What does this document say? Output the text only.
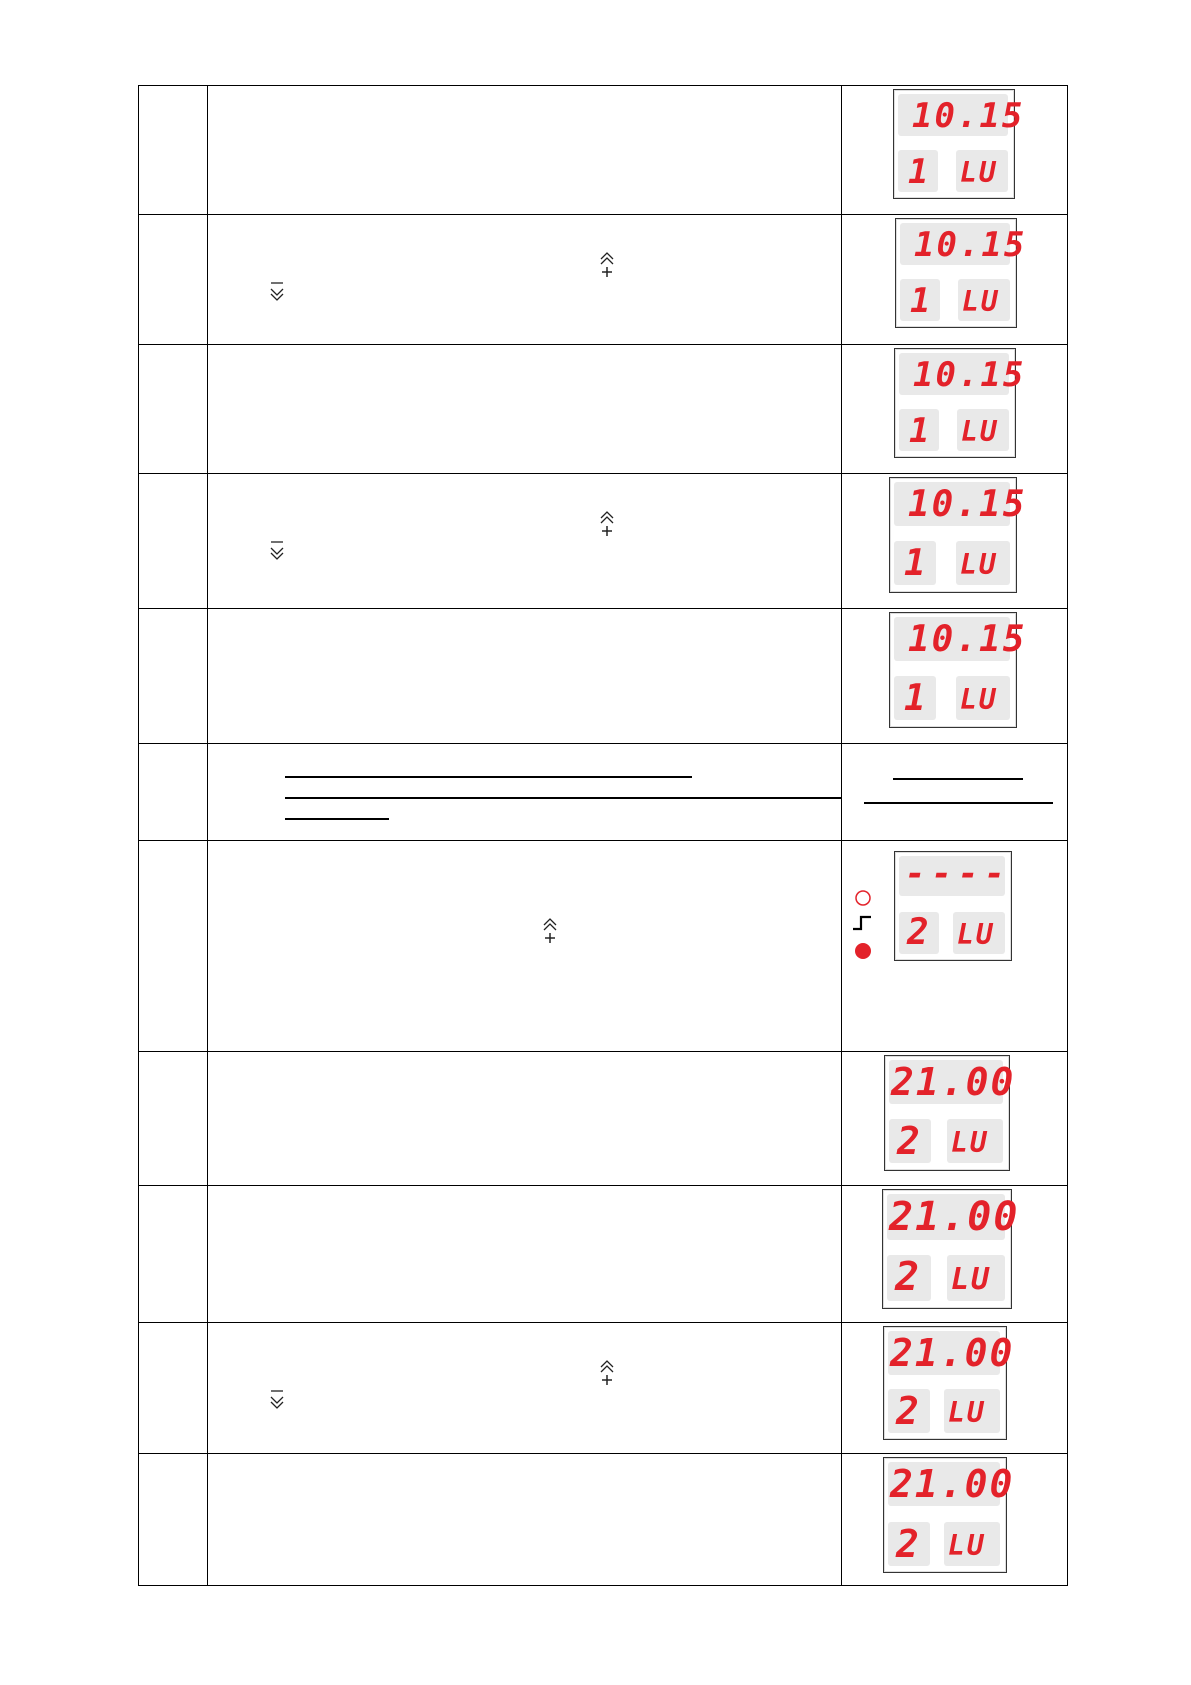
		10.15
1 LU

10.15
1 LU

		10.15
1 LU

10.15
1 LU

		10.15
1 LU

----
2 LU

		21.00
2 LU

		21.00
2 LU

21.00
2 LU

		21.00
2 LU
